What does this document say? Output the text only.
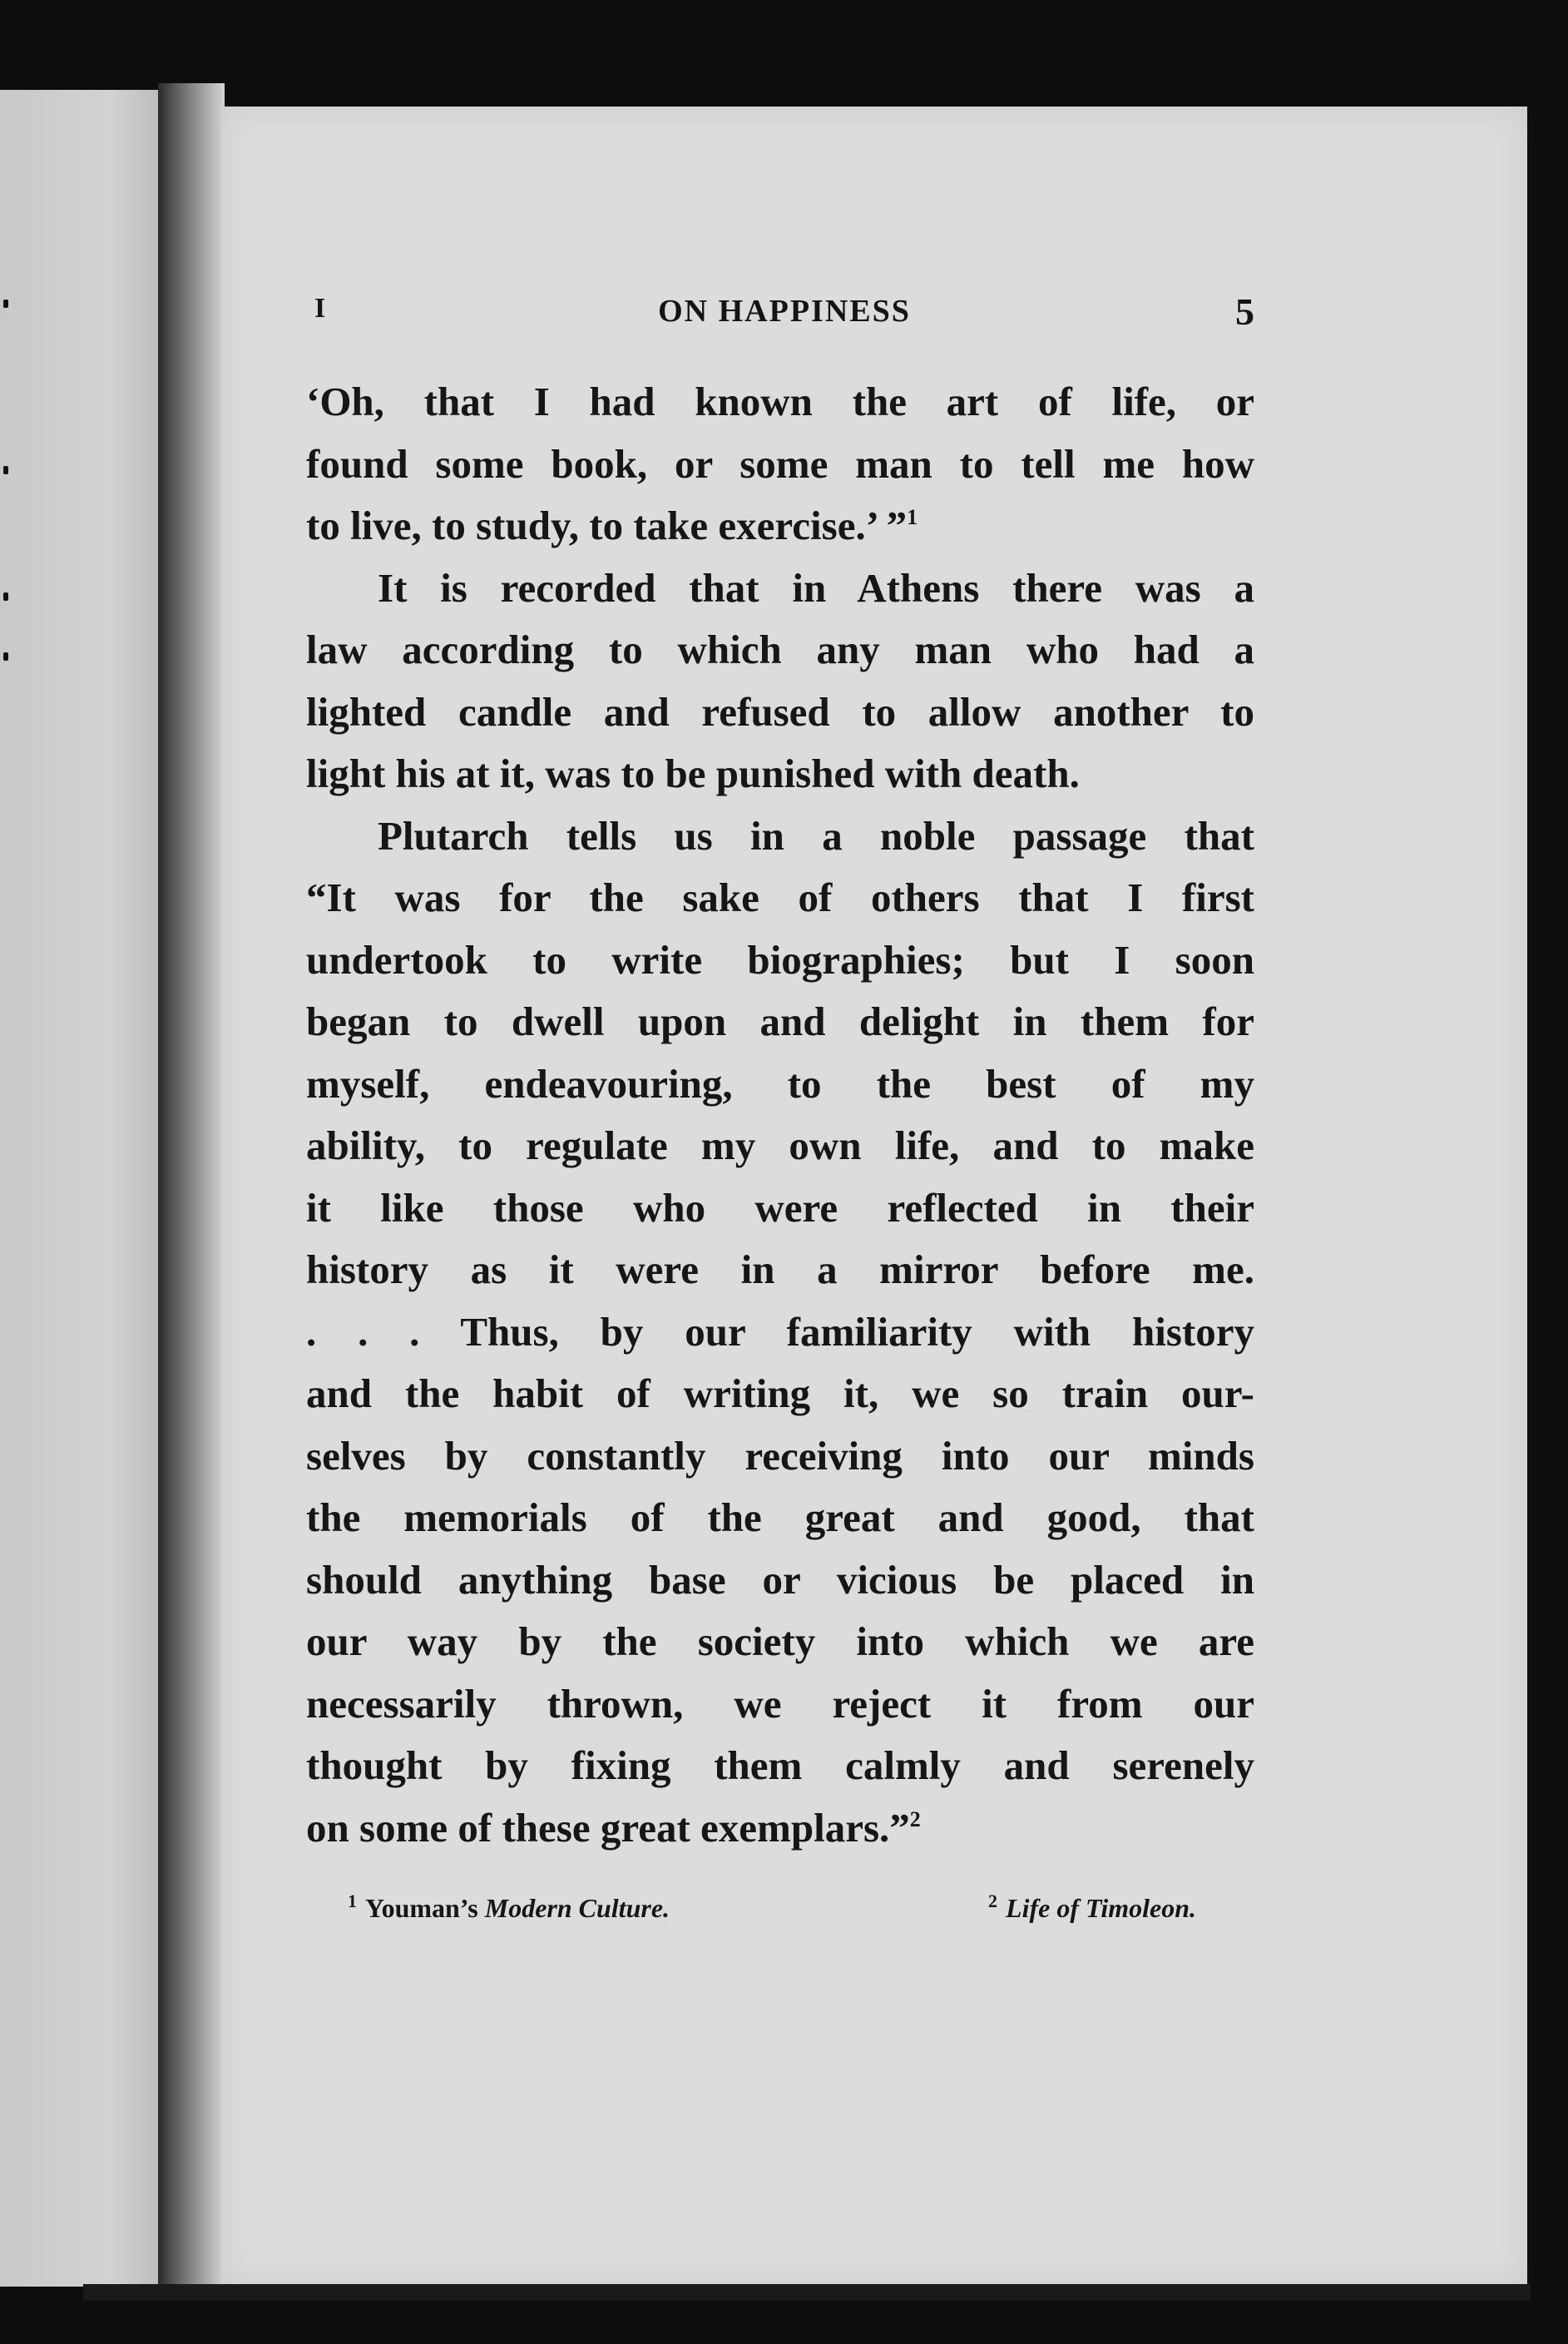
I	ON HAPPINESS	5
‘Oh, that I had known the art of life, or
found some book, or some man to tell me how
to live, to study, to take exercise.’ ”$^1$
It is recorded that in Athens there was a
law according to which any man who had a
lighted candle and refused to allow another to
light his at it, was to be punished with death.
Plutarch tells us in a noble passage that
“It was for the sake of others that I first
undertook to write biographies; but I soon
began to dwell upon and delight in them for
myself, endeavouring, to the best of my
ability, to regulate my own life, and to make
it like those who were reflected in their
history as it were in a mirror before me.
. . . Thus, by our familiarity with history
and the habit of writing it, we so train our-
selves by constantly receiving into our minds
the memorials of the great and good, that
should anything base or vicious be placed in
our way by the society into which we are
necessarily thrown, we reject it from our
thought by fixing them calmly and serenely
on some of these great exemplars.”$^2$
$^1$ Youman’s Modern Culture.	$^2$ Life of Timoleon.
